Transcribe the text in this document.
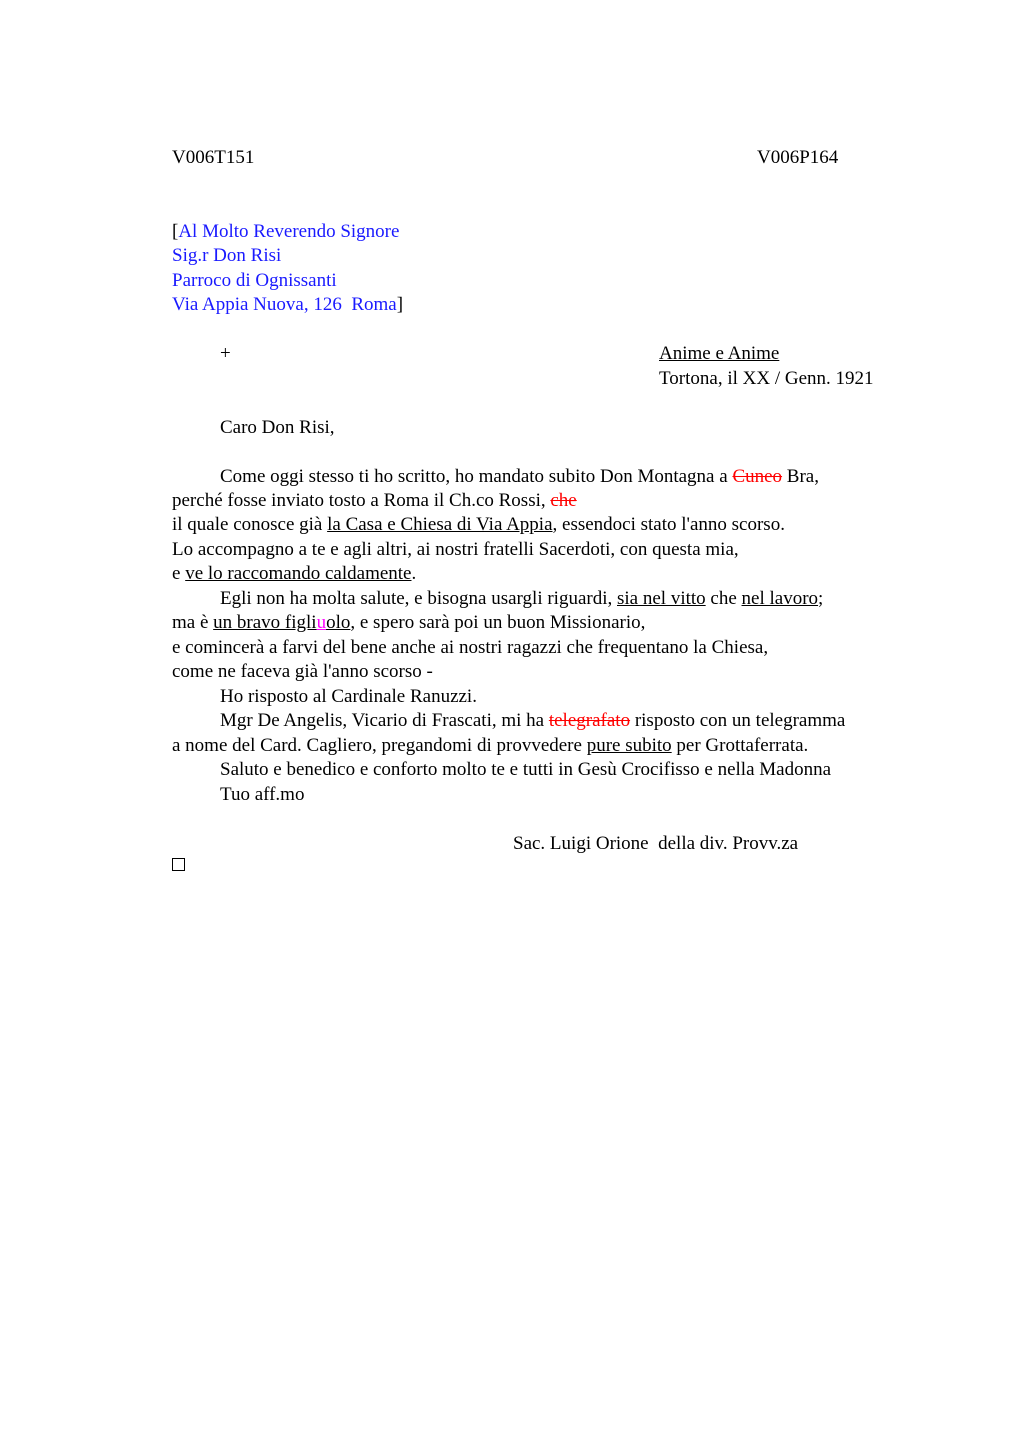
V006T151	V006P164
[Al Molto Reverendo Signore
Sig.r Don Risi
Parroco di Ognissanti
Via Appia Nuova, 126  Roma]
+	Anime e Anime
Tortona, il XX / Genn. 1921
Caro Don Risi,
Come oggi stesso ti ho scritto, ho mandato subito Don Montagna a Cuneo Bra,
perché fosse inviato tosto a Roma il Ch.co Rossi, che
il quale conosce già la Casa e Chiesa di Via Appia, essendoci stato l'anno scorso.
Lo accompagno a te e agli altri, ai nostri fratelli Sacerdoti, con questa mia,
e ve lo raccomando caldamente.
Egli non ha molta salute, e bisogna usargli riguardi, sia nel vitto che nel lavoro;
ma è un bravo figliuolo, e spero sarà poi un buon Missionario,
e comincerà a farvi del bene anche ai nostri ragazzi che frequentano la Chiesa,
come ne faceva già l'anno scorso -
Ho risposto al Cardinale Ranuzzi.
Mgr De Angelis, Vicario di Frascati, mi ha telegrafato risposto con un telegramma
a nome del Card. Cagliero, pregandomi di provvedere pure subito per Grottaferrata.
Saluto e benedico e conforto molto te e tutti in Gesù Crocifisso e nella Madonna
Tuo aff.mo
Sac. Luigi Orione  della div. Provv.za
